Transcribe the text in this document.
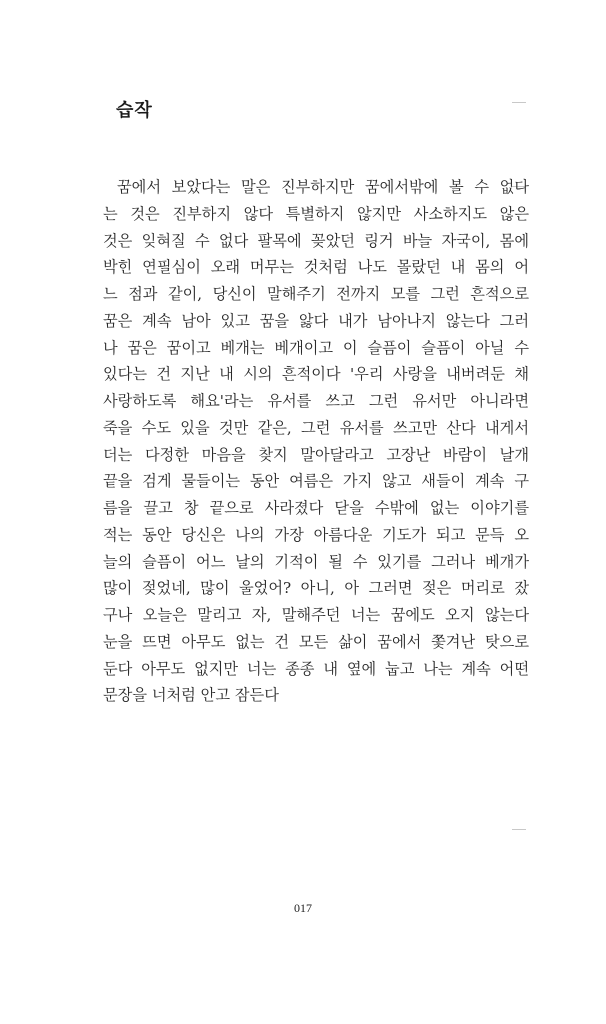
습작
꿈에서 보았다는 말은 진부하지만 꿈에서밖에 볼 수 없다
는 것은 진부하지 않다 특별하지 않지만 사소하지도 않은
것은 잊혀질 수 없다 팔목에 꽂았던 링거 바늘 자국이, 몸에
박힌 연필심이 오래 머무는 것처럼 나도 몰랐던 내 몸의 어
느 점과 같이, 당신이 말해주기 전까지 모를 그런 흔적으로
꿈은 계속 남아 있고 꿈을 앓다 내가 남아나지 않는다 그러
나 꿈은 꿈이고 베개는 베개이고 이 슬픔이 슬픔이 아닐 수
있다는 건 지난 내 시의 흔적이다 '우리 사랑을 내버려둔 채
사랑하도록 해요'라는 유서를 쓰고 그런 유서만 아니라면
죽을 수도 있을 것만 같은, 그런 유서를 쓰고만 산다 내게서
더는 다정한 마음을 찾지 말아달라고 고장난 바람이 날개
끝을 검게 물들이는 동안 여름은 가지 않고 새들이 계속 구
름을 끌고 창 끝으로 사라졌다 닫을 수밖에 없는 이야기를
적는 동안 당신은 나의 가장 아름다운 기도가 되고 문득 오
늘의 슬픔이 어느 날의 기적이 될 수 있기를 그러나 베개가
많이 젖었네, 많이 울었어? 아니, 아 그러면 젖은 머리로 잤
구나 오늘은 말리고 자, 말해주던 너는 꿈에도 오지 않는다
눈을 뜨면 아무도 없는 건 모든 삶이 꿈에서 쫓겨난 탓으로
둔다 아무도 없지만 너는 종종 내 옆에 눕고 나는 계속 어떤
문장을 너처럼 안고 잠든다
017
